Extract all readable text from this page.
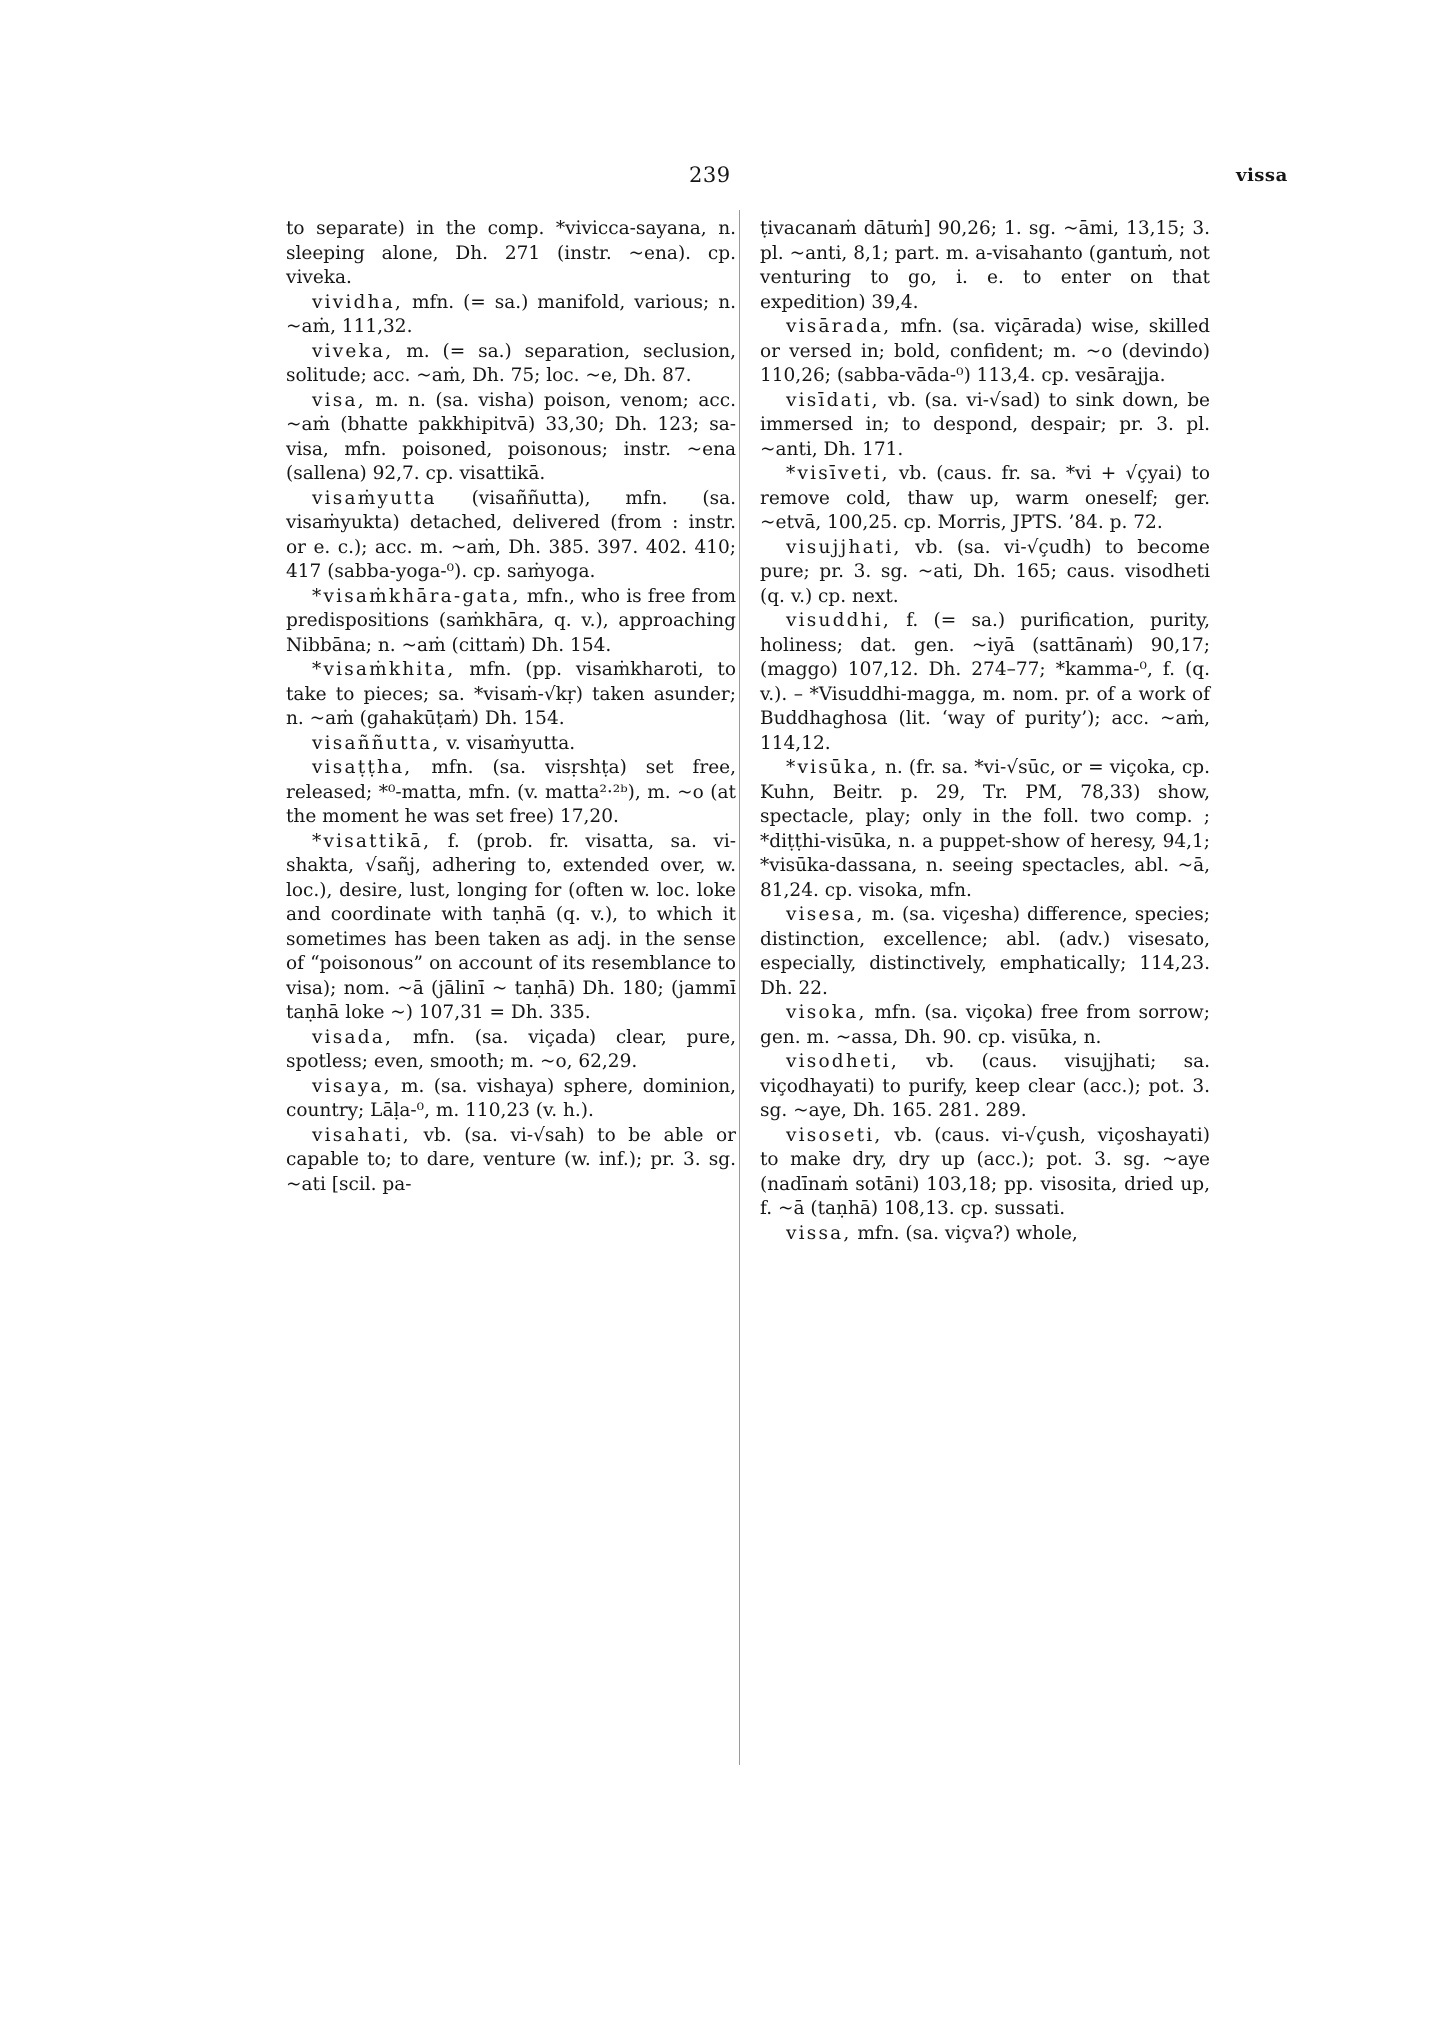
239	vissa

to separate) in the comp. *vivicca-sayana, n. sleeping alone, Dh. 271 (instr. ~ena). cp. viveka.

vividha, mfn. (= sa.) manifold, various; n. ~aṁ, 111,32.

viveka, m. (= sa.) separation, seclusion, solitude; acc. ~aṁ, Dh. 75; loc. ~e, Dh. 87.

visa, m. n. (sa. visha) poison, venom; acc. ~aṁ (bhatte pakkhipitvā) 33,30; Dh. 123; sa-visa, mfn. poisoned, poisonous; instr. ~ena (sallena) 92,7. cp. visattikā.

visaṁyutta (visaññutta), mfn. (sa. visaṁyukta) detached, delivered (from : instr. or e. c.); acc. m. ~aṁ, Dh. 385. 397. 402. 410; 417 (sabba-yoga-⁰). cp. saṁyoga.

*visaṁkhāra-gata, mfn., who is free from predispositions (saṁkhāra, q. v.), approaching Nibbāna; n. ~aṁ (cittaṁ) Dh. 154.

*visaṁkhita, mfn. (pp. visaṁkharoti, to take to pieces; sa. *visaṁ-√kṛ) taken asunder; n. ~aṁ (gahakūṭaṁ) Dh. 154.

visaññutta, v. visaṁyutta.

visaṭṭha, mfn. (sa. visṛshṭa) set free, released; *⁰-matta, mfn. (v. matta²·²ᵇ), m. ~o (at the moment he was set free) 17,20.

*visattikā, f. (prob. fr. visatta, sa. vi-shakta, √sañj, adhering to, extended over, w. loc.), desire, lust, longing for (often w. loc. loke and coordinate with taṇhā (q. v.), to which it sometimes has been taken as adj. in the sense of “poisonous” on account of its resemblance to visa); nom. ~ā (jālinī ~ taṇhā) Dh. 180; (jammī taṇhā loke ~) 107,31 = Dh. 335.

visada, mfn. (sa. viçada) clear, pure, spotless; even, smooth; m. ~o, 62,29.

visaya, m. (sa. vishaya) sphere, dominion, country; Lāḷa-⁰, m. 110,23 (v. h.).

visahati, vb. (sa. vi-√sah) to be able or capable to; to dare, venture (w. inf.); pr. 3. sg. ~ati [scil. pa-

ṭivacanaṁ dātuṁ] 90,26; 1. sg. ~āmi, 13,15; 3. pl. ~anti, 8,1; part. m. a-visahanto (gantuṁ, not venturing to go, i. e. to enter on that expedition) 39,4.

visārada, mfn. (sa. viçārada) wise, skilled or versed in; bold, confident; m. ~o (devindo) 110,26; (sabba-vāda-⁰) 113,4. cp. vesārajja.

visīdati, vb. (sa. vi-√sad) to sink down, be immersed in; to despond, despair; pr. 3. pl. ~anti, Dh. 171.

*visīveti, vb. (caus. fr. sa. *vi + √çyai) to remove cold, thaw up, warm oneself; ger. ~etvā, 100,25. cp. Morris, JPTS. ’84. p. 72.

visujjhati, vb. (sa. vi-√çudh) to become pure; pr. 3. sg. ~ati, Dh. 165; caus. visodheti (q. v.) cp. next.

visuddhi, f. (= sa.) purification, purity, holiness; dat. gen. ~iyā (sattānaṁ) 90,17; (maggo) 107,12. Dh. 274–77; *kamma-⁰, f. (q. v.). – *Visuddhi-magga, m. nom. pr. of a work of Buddhaghosa (lit. ‘way of purity’); acc. ~aṁ, 114,12.

*visūka, n. (fr. sa. *vi-√sūc, or = viçoka, cp. Kuhn, Beitr. p. 29, Tr. PM, 78,33) show, spectacle, play; only in the foll. two comp. ; *diṭṭhi-visūka, n. a puppet-show of heresy, 94,1; *visūka-dassana, n. seeing spectacles, abl. ~ā, 81,24. cp. visoka, mfn.

visesa, m. (sa. viçesha) difference, species; distinction, excellence; abl. (adv.) visesato, especially, distinctively, emphatically; 114,23. Dh. 22.

visoka, mfn. (sa. viçoka) free from sorrow; gen. m. ~assa, Dh. 90. cp. visūka, n.

visodheti, vb. (caus. visujjhati; sa. viçodhayati) to purify, keep clear (acc.); pot. 3. sg. ~aye, Dh. 165. 281. 289.

visoseti, vb. (caus. vi-√çush, viçoshayati) to make dry, dry up (acc.); pot. 3. sg. ~aye (nadīnaṁ sotāni) 103,18; pp. visosita, dried up, f. ~ā (taṇhā) 108,13. cp. sussati.

vissa, mfn. (sa. viçva?) whole,
